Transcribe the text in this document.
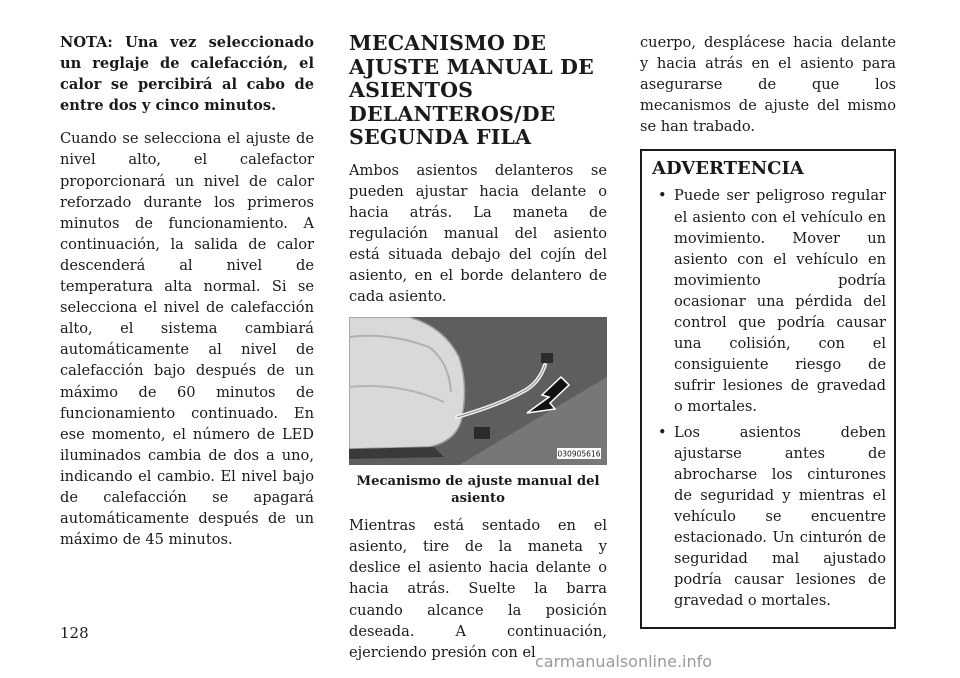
NOTA: Una vez seleccionado un reglaje de calefacción, el calor se percibirá al cabo de entre dos y cinco minutos.

Cuando se selecciona el ajuste de nivel alto, el calefactor proporcionará un nivel de calor reforzado durante los primeros minutos de funcionamiento. A continuación, la salida de calor descenderá al nivel de temperatura alta normal. Si se selecciona el nivel de calefacción alto, el sistema cambiará automáticamente al nivel de calefacción bajo después de un máximo de 60 minutos de funcionamiento continuado. En ese momento, el número de LED iluminados cambia de dos a uno, indicando el cambio. El nivel bajo de calefacción se apagará automáticamente después de un máximo de 45 minutos.

MECANISMO DE AJUSTE MANUAL DE ASIENTOS DELANTEROS/DE SEGUNDA FILA

Ambos asientos delanteros se pueden ajustar hacia delante o hacia atrás. La maneta de regulación manual del asiento está situada debajo del cojín del asiento, en el borde delantero de cada asiento.

030905616
Mecanismo de ajuste manual del asiento

Mientras está sentado en el asiento, tire de la maneta y deslice el asiento hacia delante o hacia atrás. Suelte la barra cuando alcance la posición deseada. A continuación, ejerciendo presión con el

cuerpo, desplácese hacia delante y hacia atrás en el asiento para asegurarse de que los mecanismos de ajuste del mismo se han trabado.

ADVERTENCIA
• Puede ser peligroso regular el asiento con el vehículo en movimiento. Mover un asiento con el vehículo en movimiento podría ocasionar una pérdida del control que podría causar una colisión, con el consiguiente riesgo de sufrir lesiones de gravedad o mortales.
• Los asientos deben ajustarse antes de abrocharse los cinturones de seguridad y mientras el vehículo se encuentre estacionado. Un cinturón de seguridad mal ajustado podría causar lesiones de gravedad o mortales.
128
carmanualsonline.info
